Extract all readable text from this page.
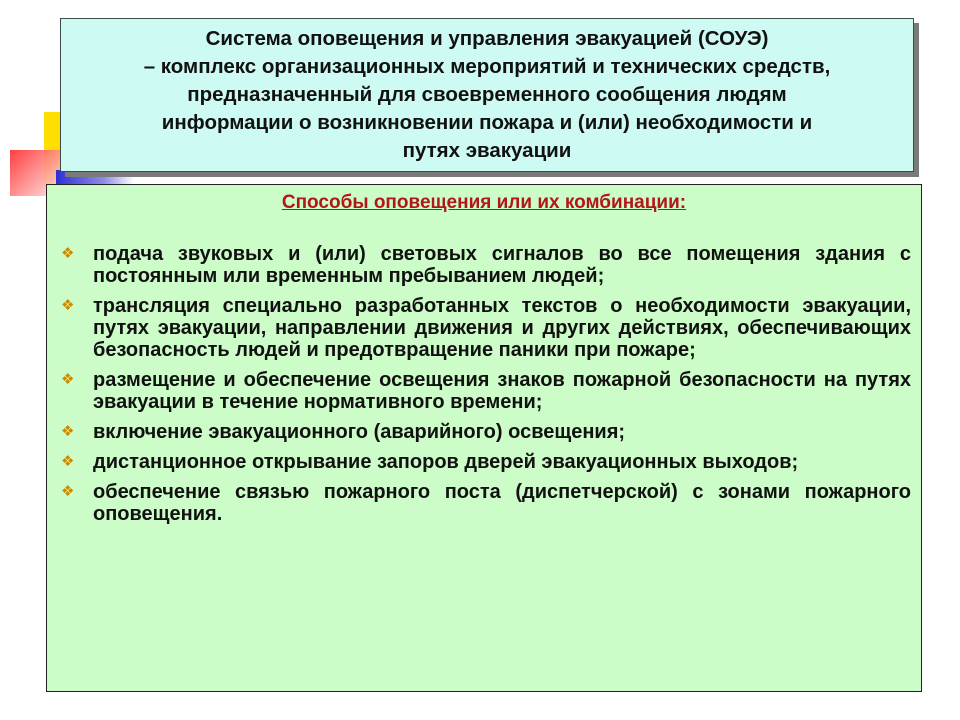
Система оповещения и управления эвакуацией (СОУЭ)
– комплекс организационных мероприятий и технических средств,
предназначенный для своевременного сообщения людям
информации о возникновении пожара и (или) необходимости и
путях эвакуации
Способы оповещения или их комбинации:
❖ подача звуковых и (или) световых сигналов во все помещения здания с постоянным или временным пребыванием людей;
❖ трансляция специально разработанных текстов о необходимости эвакуации, путях эвакуации, направлении движения и других действиях, обеспечивающих безопасность людей и предотвращение паники при пожаре;
❖ размещение и обеспечение освещения знаков пожарной безопасности на путях эвакуации в течение нормативного времени;
❖ включение эвакуационного (аварийного) освещения;
❖ дистанционное открывание запоров дверей эвакуационных выходов;
❖ обеспечение связью пожарного поста (диспетчерской) с зонами пожарного оповещения.
